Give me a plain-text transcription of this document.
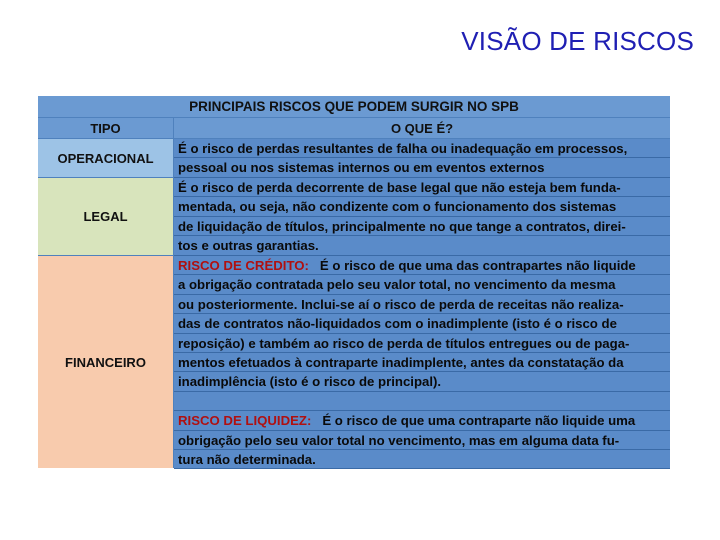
VISÃO DE RISCOS
PRINCIPAIS RISCOS QUE PODEM SURGIR NO SPB
TIPO	O QUE É?
OPERACIONAL
É o risco de perdas resultantes de falha ou inadequação em processos,
pessoal ou nos sistemas internos ou em eventos externos
LEGAL
É o risco de perda decorrente de base legal que não esteja bem funda-
mentada, ou seja, não condizente com o funcionamento dos sistemas
de liquidação de títulos, principalmente no que tange a contratos, direi-
tos e outras garantias.
FINANCEIRO
RISCO DE CRÉDITO: É o risco de que uma das contrapartes não liquide
a obrigação contratada pelo seu valor total, no vencimento da mesma
ou posteriormente. Inclui-se aí o risco de perda de receitas não realiza-
das de contratos não-liquidados com o inadimplente (isto é o risco de
reposição) e também ao risco de perda de títulos entregues ou de paga-
mentos efetuados à contraparte inadimplente, antes da constatação da
inadimplência (isto é o risco de principal).
RISCO DE LIQUIDEZ: É o risco de que uma contraparte não liquide uma
obrigação pelo seu valor total no vencimento, mas em alguma data fu-
tura não determinada.
